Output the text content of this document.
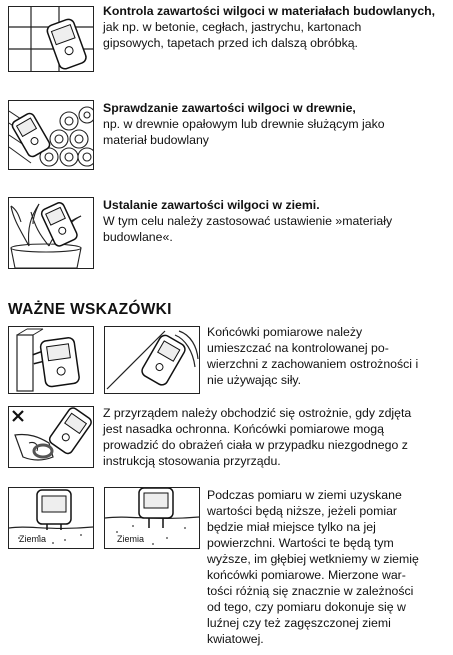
Kontrola zawartości wilgoci w materiałach budowlanych,
jak np. w betonie, cegłach, jastrychu, kartonach
gipsowych, tapetach przed ich dalszą obróbką.
Sprawdzanie zawartości wilgoci w drewnie,
np. w drewnie opałowym lub drewnie służącym jako
materiał budowlany
Ustalanie zawartości wilgoci w ziemi.
W tym celu należy zastosować ustawienie »materiały
budowlane«.
WAŻNE WSKAZÓWKI
Końcówki pomiarowe należy
umieszczać na kontrolowanej po-
wierzchni z zachowaniem ostrożności i
nie używając siły.
Z przyrządem należy obchodzić się ostrożnie, gdy zdjęta
jest nasadka ochronna. Końcówki pomiarowe mogą
prowadzić do obrażeń ciała w przypadku niezgodnego z
instrukcją stosowania przyrządu.
Ziemia	Ziemia
Podczas pomiaru w ziemi uzyskane
wartości będą niższe, jeżeli pomiar
będzie miał miejsce tylko na jej
powierzchni. Wartości te będą tym
wyższe, im głębiej wetkniemy w ziemię
końcówki pomiarowe. Mierzone war-
tości różnią się znacznie w zależności
od tego, czy pomiaru dokonuje się w
luźnej czy też zagęszczonej ziemi
kwiatowej.
